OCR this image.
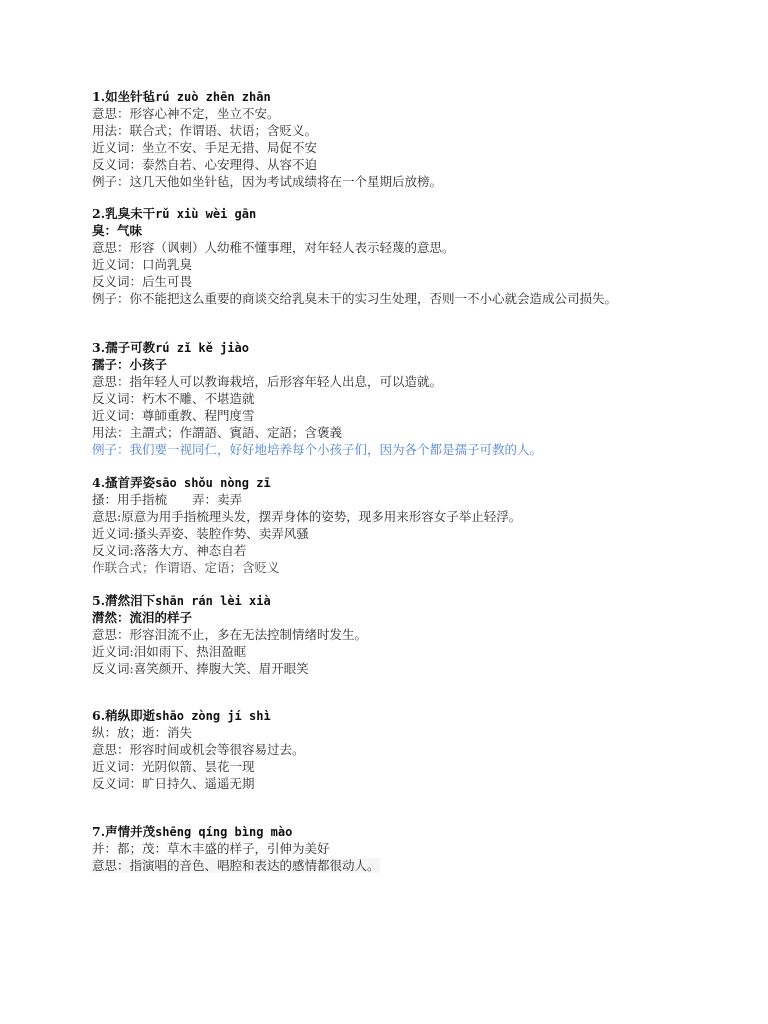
1.如坐针毡rú zuò zhēn zhān
意思：形容心神不定，坐立不安。
用法：联合式；作谓语、状语；含贬义。
近义词：坐立不安、手足无措、局促不安
反义词：泰然自若、心安理得、从容不迫
例子：这几天他如坐针毡，因为考试成绩将在一个星期后放榜。
2.乳臭未干rǔ xiù wèi gān
臭：气味
意思：形容（讽刺）人幼稚不懂事理，对年轻人表示轻蔑的意思。
近义词：口尚乳臭
反义词：后生可畏
例子：你不能把这么重要的商谈交给乳臭未干的实习生处理，否则一不小心就会造成公司损失。
3.孺子可教rú zǐ kě jiào
孺子：小孩子
意思：指年轻人可以教诲栽培，后形容年轻人出息，可以造就。
反义词：朽木不雕、不堪造就
近义词：尊師重教、程門度雪
用法：主謂式；作謂語、賓語、定語；含褒義
例子：我们要一视同仁，好好地培养每个小孩子们，因为各个都是孺子可教的人。
4.搔首弄姿sāo shǒu nòng zī
搔：用手指梳　　弄：卖弄
意思:原意为用手指梳理头发，摆弄身体的姿势，现多用来形容女子举止轻浮。
近义词:搔头弄姿、装腔作势、卖弄风骚
反义词:落落大方、神态自若
作联合式；作谓语、定语；含贬义
5.潸然泪下shān rán lèi xià
潸然：流泪的样子
意思：形容泪流不止，多在无法控制情绪时发生。
近义词:泪如雨下、热泪盈眶
反义词:喜笑颜开、捧腹大笑、眉开眼笑
6.稍纵即逝shāo zòng jí shì
纵：放；逝：消失
意思：形容时间或机会等很容易过去。
近义词：光阴似箭、昙花一现
反义词：旷日持久、遥遥无期
7.声情并茂shēng qíng bìng mào
并：都；茂：草木丰盛的样子，引伸为美好
意思：指演唱的音色、唱腔和表达的感情都很动人。
